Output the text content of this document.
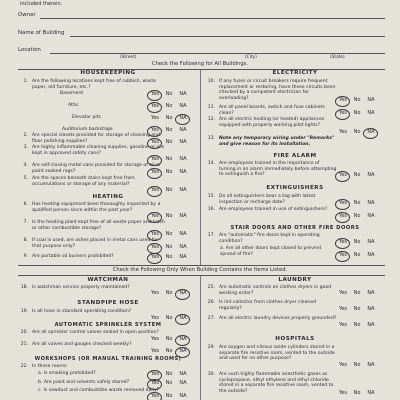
included therein.
Owner
Name of Building
Location
(Street)	(City)	(State)
Check the Following for All Buildings.
HOUSEKEEPING
1. Are the following locations kept free of rubbish, waste paper, old furniture, etc.?
Basement	Yes No NA
Attic	Yes No NA
Elevator pits	Yes No NA
Auditorium backstage	Yes No NA
2. Are special closets provided for storage of cleaning and floor polishing supplies?	Yes No NA
3. Are highly inflammable cleaning supplies, gasoline or oils kept in approved safety cans?
Yes No NA
4. Are self-closing metal cans provided for storage of oil or paint soaked rags?	Yes No NA
5. Are the spaces beneath stairs kept free from accumulations or storage of any material?
Yes No NA
HEATING
6. Has heating equipment been thoroughly inspected by a qualified person since within the past year?
Yes No NA
7. Is the heating plant kept free of all waste paper and trash or other combustible storage?
Yes No NA
8. If coal is used, are ashes placed in metal cans used for that purpose only?	Yes No NA
9. Are portable oil burners prohibited?	Yes No NA
ELECTRICITY
10. If any fuses or circuit breakers require frequent replacement or restoring, have these circuits been checked by a competent electrician for overloading?	Yes No NA
11. Are all panel boards, switch and fuse cabinets clean?	Yes No NA
12. Are all electric heating (or heated) appliances equipped with properly working pilot lights?
Yes No NA
13. Note any temporary wiring under "Remarks" and give reason for its installation.
FIRE ALARM
14. Are employees trained in the importance of turning in an alarm immediately before attempting to extinguish a fire?	Yes No NA
EXTINGUISHERS
15. Do all extinguishers bear a tag with latest inspection or recharge date?	Yes No NA
16. Are employees trained in use of extinguishers?
Yes No NA
STAIR DOORS AND OTHER FIRE DOORS
17. Are "automatic" fire doors kept in operating condition?	Yes No NA
a. Are all other doors kept closed to prevent spread of fire?	Yes No NA
Check the Following Only When Building Contains the Items Listed.
WATCHMAN
18. Is watchman service properly maintained?
Yes No NA
STANDPIPE HOSE
19. Is all hose in standard operating condition?
Yes No NA
AUTOMATIC SPRINKLER SYSTEM
20. Are all sprinkler control valves sealed in open position?
Yes No NA
21. Are all valves and gauges checked weekly?
Yes No NA
WORKSHOPS (OR MANUAL TRAINING ROOMS)
22. In these rooms:
a. Is smoking prohibited?	Yes No NA
b. Are paint and solvents safely stored?	Yes No NA
c. Is sawdust and combustible waste removed daily?
Yes No NA
LAUNDRY
25. Are automatic controls on clothes dryers in good working order?	Yes No NA
26. Is lint collector from clothes dryer cleaned regularly?	Yes No NA
27. Are all electric laundry devices properly grounded?
Yes No NA
HOSPITALS
29. Are oxygen and nitrous oxide cylinders stored in a separate fire resistive room, vented to the outside and used for no other purpose?
Yes No NA
30. Are such highly flammable anesthetic gases as cyclopropane, ethyl ethylene and ethyl chloride stored in a separate fire resistive room, vented to the outside?	Yes No NA
